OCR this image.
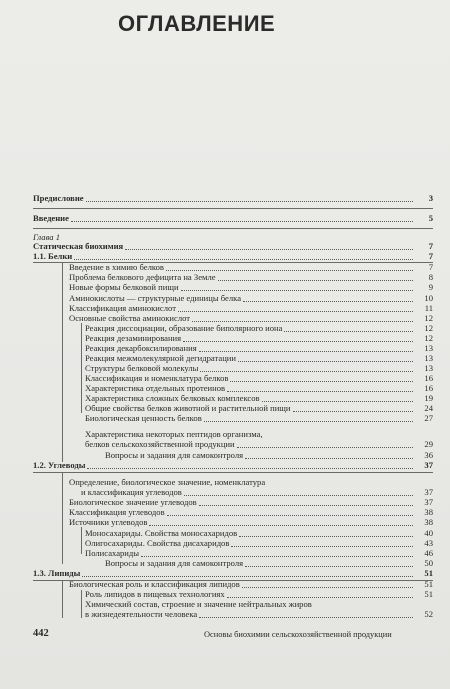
ОГЛАВЛЕНИЕ
Предисловие	3
Введение	5
Глава 1
Статическая биохимия	7
1.1. Белки	7
Введение в химию белков	7
Проблема белкового дефицита на Земле	8
Новые формы белковой пищи	9
Аминокислоты — структурные единицы белка	10
Классификация аминокислот	11
Основные свойства аминокислот	12
Реакция диссоциации, образование биполярного иона	12
Реакция дезаминирования	12
Реакция декарбоксилирования	13
Реакция межмолекулярной дегидратации	13
Структуры белковой молекулы	13
Классификация и номенклатура белков	16
Характеристика отдельных протеинов	16
Характеристика сложных белковых комплексов	19
Общие свойства белков животной и растительной пищи	24
Биологическая ценность белков	27
Характеристика некоторых пептидов организма,
белков сельскохозяйственной продукции	29
Вопросы и задания для самоконтроля	36
1.2. Углеводы	37
Определение, биологическое значение, номенклатура
и классификация углеводов	37
Биологическое значение углеводов	37
Классификация углеводов	38
Источники углеводов	38
Моносахариды. Свойства моносахаридов	40
Олигосахариды. Свойства дисахаридов	43
Полисахариды	46
Вопросы и задания для самоконтроля	50
1.3. Липиды	51
Биологическая роль и классификация липидов	51
Роль липидов в пищевых технологиях	51
Химический состав, строение и значение нейтральных жиров
в жизнедеятельности человека	52
442	Основы биохимии сельскохозяйственной продукции
